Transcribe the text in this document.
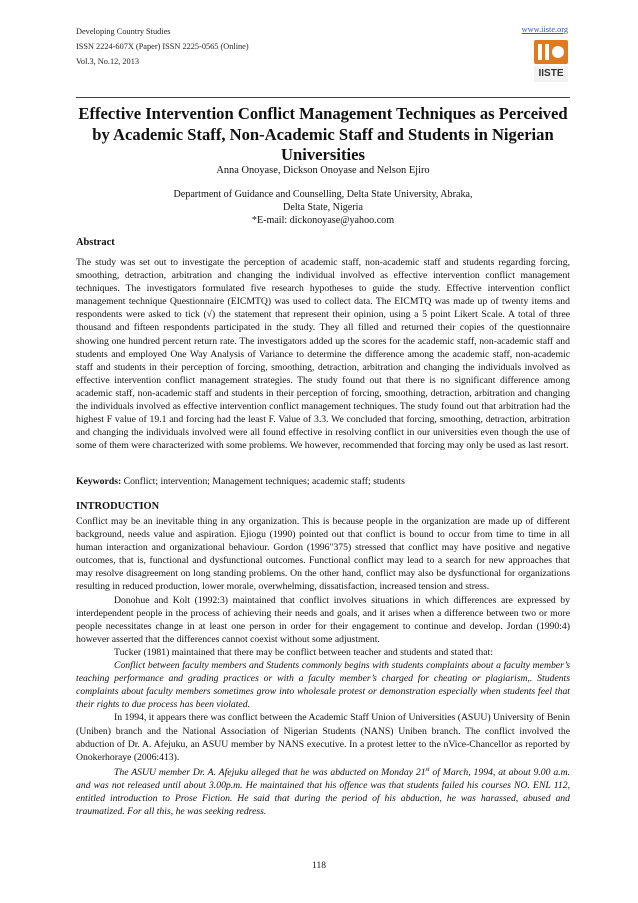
Developing Country Studies
ISSN 2224-607X (Paper) ISSN 2225-0565 (Online)
Vol.3, No.12, 2013
www.iiste.org
IISTE
Effective Intervention Conflict Management Techniques as Perceived by Academic Staff, Non-Academic Staff and Students in Nigerian Universities
Anna Onoyase, Dickson Onoyase and Nelson Ejiro
Department of Guidance and Counselling, Delta State University, Abraka,
Delta State, Nigeria
*E-mail: dickonoyase@yahoo.com
Abstract

The study was set out to investigate the perception of academic staff, non-academic staff and students regarding forcing, smoothing, detraction, arbitration and changing the individual involved as effective intervention conflict management techniques. The investigators formulated five research hypotheses to guide the study. Effective intervention conflict management technique Questionnaire (EICMTQ) was used to collect data. The EICMTQ was made up of twenty items and respondents were asked to tick (√) the statement that represent their opinion, using a 5 point Likert Scale. A total of three thousand and fifteen respondents participated in the study. They all filled and returned their copies of the questionnaire showing one hundred percent return rate. The investigators added up the scores for the academic staff, non-academic staff and students and employed One Way Analysis of Variance to determine the difference among the academic staff, non-academic staff and students in their perception of forcing, smoothing, detraction, arbitration and changing the individuals involved as effective intervention conflict management strategies. The study found out that there is no significant difference among academic staff, non-academic staff and students in their perception of forcing, smoothing, detraction, arbitration and changing the individuals involved as effective intervention conflict management techniques. The study found out that arbitration had the highest F value of 19.1 and forcing had the least F. Value of 3.3. We concluded that forcing, smoothing, detraction, arbitration and changing the individuals involved were all found effective in resolving conflict in our universities even though the use of some of them were characterized with some problems. We however, recommended that forcing may only be used as last resort.

Keywords: Conflict; intervention; Management techniques; academic staff; students
INTRODUCTION

Conflict may be an inevitable thing in any organization. This is because people in the organization are made up of different background, needs value and aspiration. Ejiogu (1990) pointed out that conflict is bound to occur from time to time in all human interaction and organizational behaviour. Gordon (1996"375) stressed that conflict may have positive and negative outcomes, that is, functional and dysfunctional outcomes. Functional conflict may lead to a search for new approaches that may resolve disagreement on long standing problems. On the other hand, conflict may also be dysfunctional for organizations resulting in reduced production, lower morale, overwhelming, dissatisfaction, increased tension and stress.

Donohue and Kolt (1992:3) maintained that conflict involves situations in which differences are expressed by interdependent people in the process of achieving their needs and goals, and it arises when a difference between two or more people necessitates change in at least one person in order for their engagement to continue and develop. Jordan (1990:4) however asserted that the differences cannot coexist without some adjustment.

Tucker (1981) maintained that there may be conflict between teacher and students and stated that:

Conflict between faculty members and Students commonly begins with students complaints about a faculty member’s teaching performance and grading practices or with a faculty member’s charged for cheating or plagiarism,. Students complaints about faculty members sometimes grow into wholesale protest or demonstration especially when students feel that their rights to due process has been violated.

In 1994, it appears there was conflict between the Academic Staff Union of Universities (ASUU) University of Benin (Uniben) branch and the National Association of Nigerian Students (NANS) Uniben branch. The conflict involved the abduction of Dr. A. Afejuku, an ASUU member by NANS executive. In a protest letter to the nVice-Chancellor as reported by Onokerhoraye (2006:413).

The ASUU member Dr. A. Afejuku alleged that he was abducted on Monday 21st of March, 1994, at about 9.00 a.m. and was not released until about 3.00p.m. He maintained that his offence was that students failed his courses NO. ENL 112, entitled introduction to Prose Fiction. He said that during the period of his abduction, he was harassed, abused and traumatized. For all this, he was seeking redress.

118
